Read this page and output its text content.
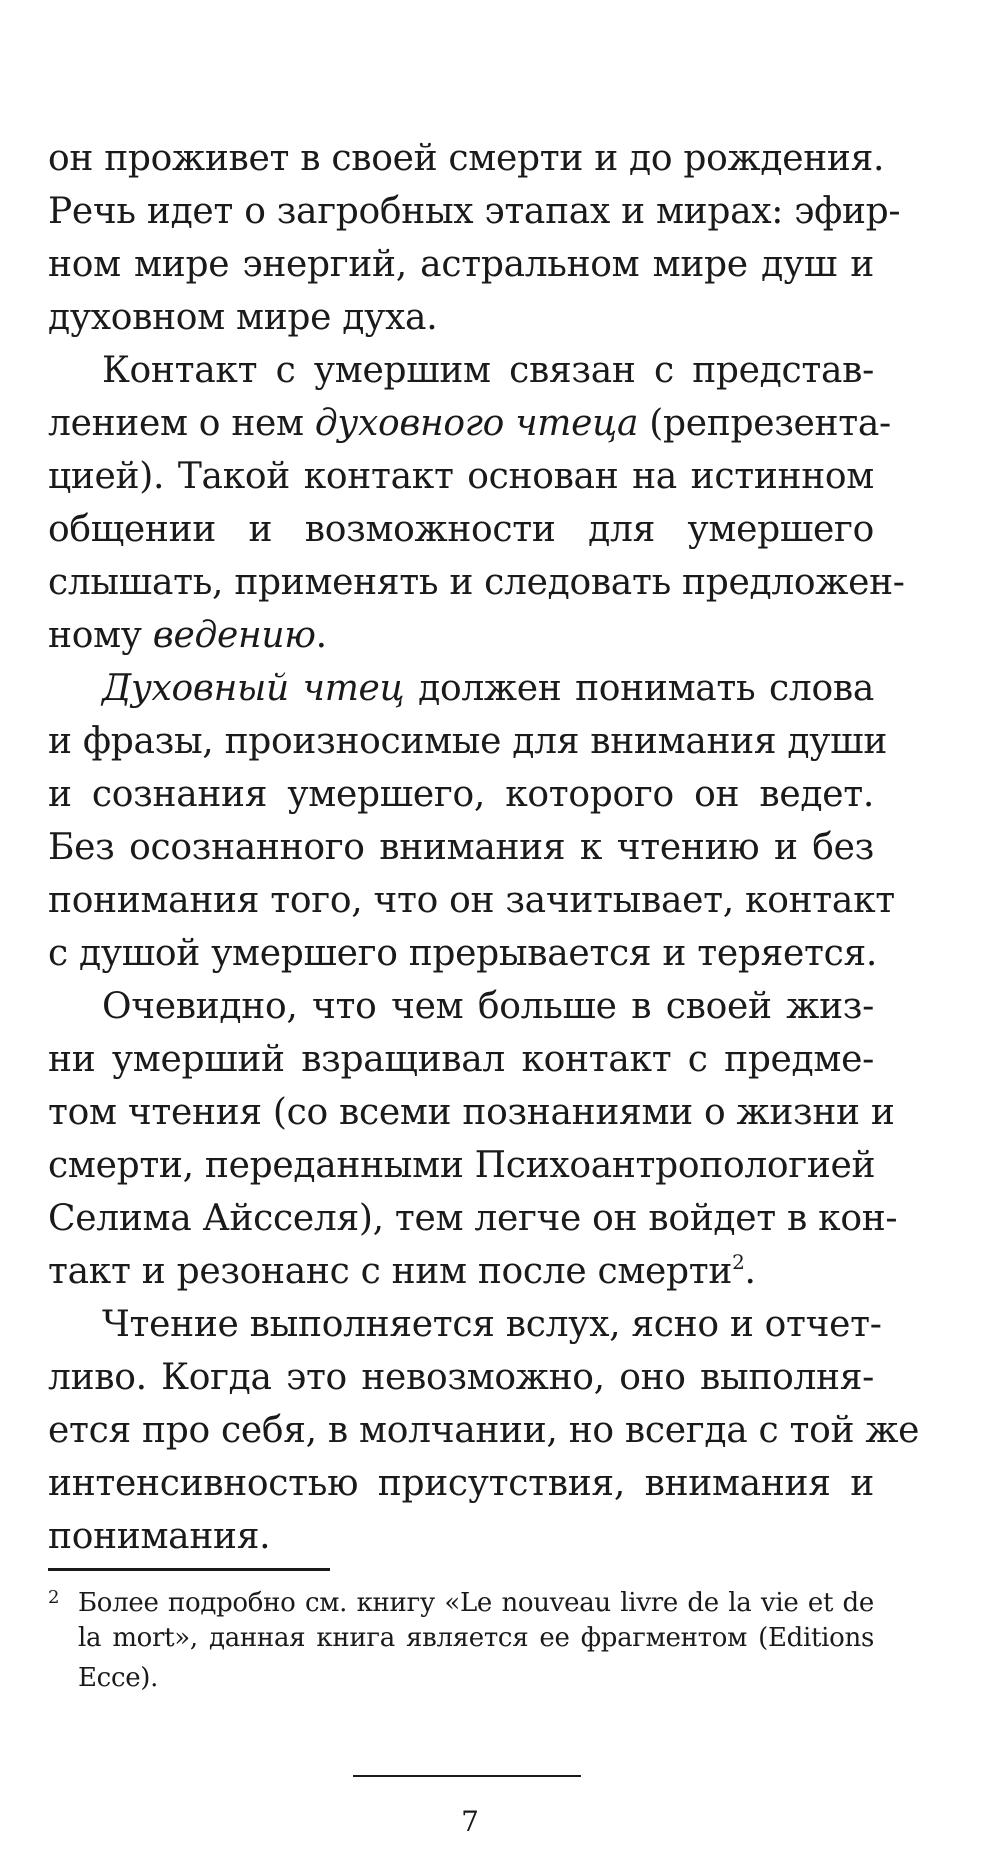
он проживет в своей смерти и до рождения.
Речь идет о загробных этапах и мирах: эфир-
ном мире энергий, астральном мире душ и
духовном мире духа.
Контакт с умершим связан с представ-
лением о нем духовного чтеца (репрезента-
цией). Такой контакт основан на истинном
общении и возможности для умершего
слышать, применять и следовать предложен-
ному ведению.
Духовный чтец должен понимать слова
и фразы, произносимые для внимания души
и сознания умершего, которого он ведет.
Без осознанного внимания к чтению и без
понимания того, что он зачитывает, контакт
с душой умершего прерывается и теряется.
Очевидно, что чем больше в своей жиз-
ни умерший взращивал контакт с предме-
том чтения (со всеми познаниями о жизни и
смерти, переданными Психоантропологией
Селима Айсселя), тем легче он войдет в кон-
такт и резонанс с ним после смерти$^2$.
Чтение выполняется вслух, ясно и отчет-
ливо. Когда это невозможно, оно выполня-
ется про себя, в молчании, но всегда с той же
интенсивностью присутствия, внимания и
понимания.
2 Более подробно см. книгу «Le nouveau livre de la vie et de
la mort», данная книга является ее фрагментом (Editions
Ecce).
7
